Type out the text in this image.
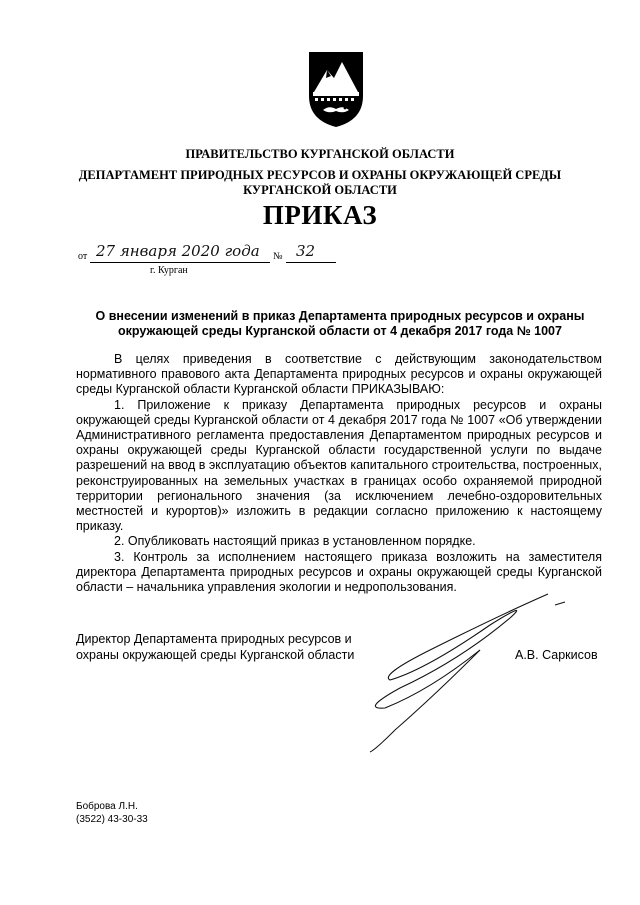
ПРАВИТЕЛЬСТВО КУРГАНСКОЙ ОБЛАСТИ
ДЕПАРТАМЕНТ ПРИРОДНЫХ РЕСУРСОВ И ОХРАНЫ ОКРУЖАЮЩЕЙ СРЕДЫ
КУРГАНСКОЙ ОБЛАСТИ
ПРИКАЗ
от 27 января 2020 года № 32
г. Курган
О внесении изменений в приказ Департамента природных ресурсов и охраны окружающей среды Курганской области от 4 декабря 2017 года № 1007

В целях приведения в соответствие с действующим законодательством нормативного правового акта Департамента природных ресурсов и охраны окружающей среды Курганской области Курганской области ПРИКАЗЫВАЮ:

1. Приложение к приказу Департамента природных ресурсов и охраны окружающей среды Курганской области от 4 декабря 2017 года № 1007 «Об утверждении Административного регламента предоставления Департаментом природных ресурсов и охраны окружающей среды Курганской области государственной услуги по выдаче разрешений на ввод в эксплуатацию объектов капитального строительства, построенных, реконструированных на земельных участках в границах особо охраняемой природной территории регионального значения (за исключением лечебно-оздоровительных местностей и курортов)» изложить в редакции согласно приложению к настоящему приказу.

2. Опубликовать настоящий приказ в установленном порядке.

3. Контроль за исполнением настоящего приказа возложить на заместителя директора Департамента природных ресурсов и охраны окружающей среды Курганской области – начальника управления экологии и недропользования.

Директор Департамента природных ресурсов и
охраны окружающей среды Курганской области	А.В. Саркисов
Боброва Л.Н.
(3522) 43-30-33
